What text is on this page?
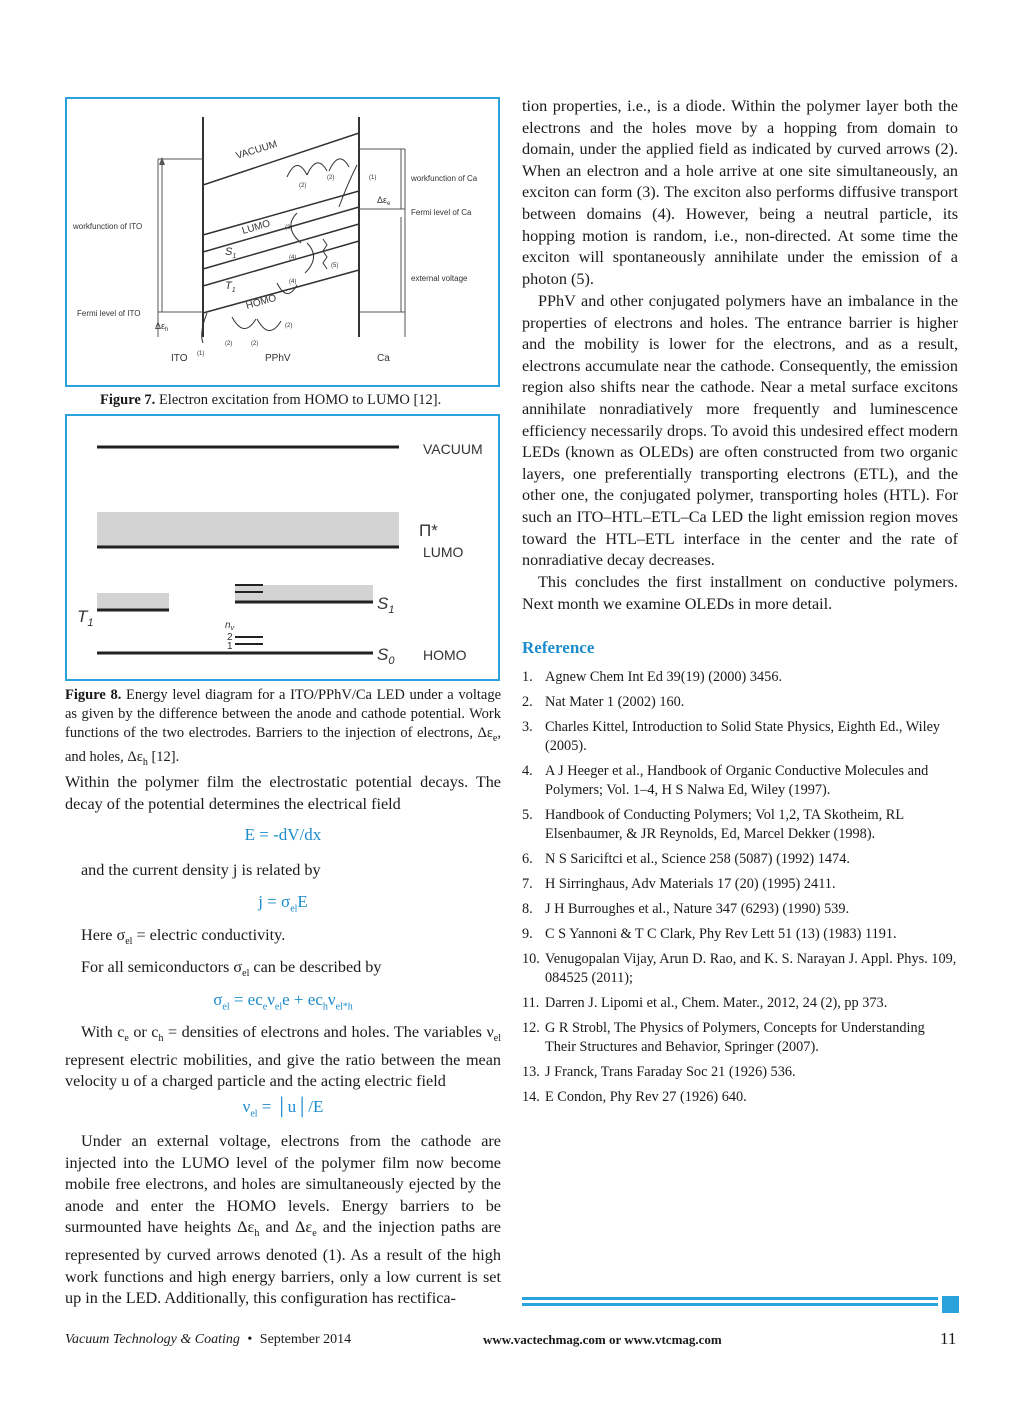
VACUUM
LUMO
HOMO
$S_1$
$T_1$
workfunction of ITO
Fermi level of ITO
workfunction of Ca
Fermi level of Ca
external voltage
$\Delta\varepsilon_h$
$\Delta\varepsilon_e$
ITO	PPhV	Ca
(2)
(2)	(1)
(3)
(4)
(5)
(4)
(2)
(2)	(2)
(1)
Figure 7. Electron excitation from HOMO to LUMO [12].
VACUUM
Π*
LUMO
$T_1$
$S_1$
$S_0$ HOMO
$n_v$
2
1
Figure 8. Energy level diagram for a ITO/PPhV/Ca LED under a voltage as given by the difference between the anode and cathode potential. Work functions of the two electrodes. Barriers to the injection of electrons, $\Delta\varepsilon_e$, and holes, $\Delta\varepsilon_h$ [12].
Within the polymer film the electrostatic potential decays. The decay of the potential determines the electrical field
E = -dV/dx
and the current density j is related by
$j = \sigma_{el}E$
Here $\sigma_{el}$ = electric conductivity.
For all semiconductors $\sigma_{el}$ can be described by
$\sigma_{el} = ec_e\nu_{el}e + ec_h\nu_{el*h}$
With $c_e$ or $c_h$ = densities of electrons and holes. The variables $\nu_{el}$ represent electric mobilities, and give the ratio between the mean velocity u of a charged particle and the acting electric field
$\nu_{el}$ = │u│/E
Under an external voltage, electrons from the cathode are injected into the LUMO level of the polymer film now become mobile free electrons, and holes are simultaneously ejected by the anode and enter the HOMO levels. Energy barriers to be surmounted have heights $\Delta\varepsilon_h$ and $\Delta\varepsilon_e$ and the injection paths are represented by curved arrows denoted (1). As a result of the high work functions and high energy barriers, only a low current is set up in the LED. Additionally, this configuration has rectifica-
tion properties, i.e., is a diode. Within the polymer layer both the electrons and the holes move by a hopping from domain to domain, under the applied field as indicated by curved arrows (2). When an electron and a hole arrive at one site simultaneously, an exciton can form (3). The exciton also performs diffusive transport between domains (4). However, being a neutral particle, its hopping motion is random, i.e., non-directed. At some time the exciton will spontaneously annihilate under the emission of a photon (5).
PPhV and other conjugated polymers have an imbalance in the properties of electrons and holes. The entrance barrier is higher and the mobility is lower for the electrons, and as a result, electrons accumulate near the cathode. Consequently, the emission region also shifts near the cathode. Near a metal surface excitons annihilate nonradiatively more frequently and luminescence efficiency necessarily drops. To avoid this undesired effect modern LEDs (known as OLEDs) are often constructed from two organic layers, one preferentially transporting electrons (ETL), and the other one, the conjugated polymer, transporting holes (HTL). For such an ITO–HTL–ETL–Ca LED the light emission region moves toward the HTL–ETL interface in the center and the rate of nonradiative decay decreases.
This concludes the first installment on conductive polymers. Next month we examine OLEDs in more detail.
Reference
1. Agnew Chem Int Ed 39(19) (2000) 3456.
2. Nat Mater 1 (2002) 160.
3. Charles Kittel, Introduction to Solid State Physics, Eighth Ed., Wiley (2005).
4. A J Heeger et al., Handbook of Organic Conductive Molecules and Polymers; Vol. 1–4, H S Nalwa Ed, Wiley (1997).
5. Handbook of Conducting Polymers; Vol 1,2, TA Skotheim, RL Elsenbaumer, & JR Reynolds, Ed, Marcel Dekker (1998).
6. N S Sariciftci et al., Science 258 (5087) (1992) 1474.
7. H Sirringhaus, Adv Materials 17 (20) (1995) 2411.
8. J H Burroughes et al., Nature 347 (6293) (1990) 539.
9. C S Yannoni & T C Clark, Phy Rev Lett 51 (13) (1983) 1191.
10. Venugopalan Vijay, Arun D. Rao, and K. S. Narayan J. Appl. Phys. 109, 084525 (2011);
11. Darren J. Lipomi et al., Chem. Mater., 2012, 24 (2), pp 373.
12. G R Strobl, The Physics of Polymers, Concepts for Understanding Their Structures and Behavior, Springer (2007).
13. J Franck, Trans Faraday Soc 21 (1926) 536.
14. E Condon, Phy Rev 27 (1926) 640.
Vacuum Technology & Coating • September 2014	www.vactechmag.com or www.vtcmag.com	11
